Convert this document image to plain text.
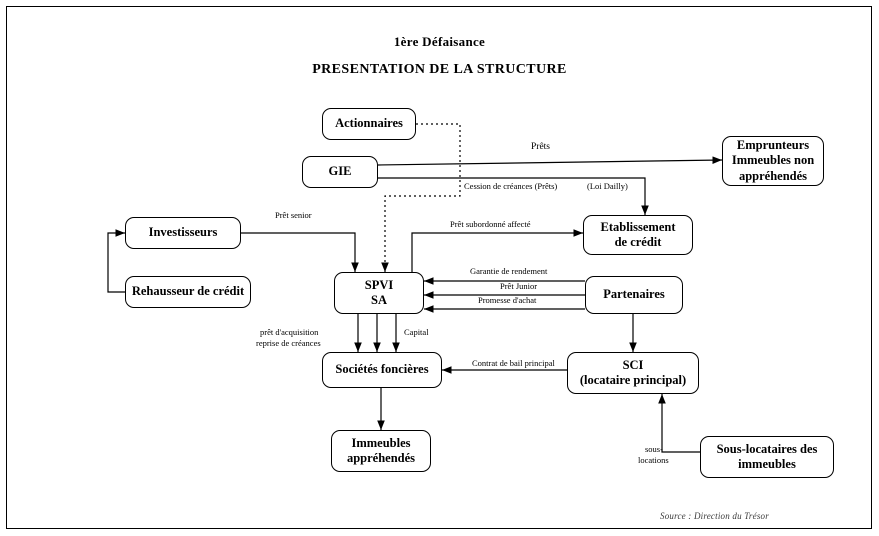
1ère Défaisance
PRESENTATION DE LA STRUCTURE
Actionnaires
GIE
Emprunteurs
Immeubles non
appréhendés
Investisseurs	Etablissement
de crédit
Rehausseur de crédit	SPVI
SA	Partenaires
Sociétés foncières	SCI
(locataire principal)
Immeubles
appréhendés
Sous-locataires des
immeubles
Prêts
Cession de créances (Prêts)	(Loi Dailly)
Prêt senior
Prêt subordonné affecté
Garantie de rendement
Prêt Junior
Promesse d'achat
prêt d'acquisition
reprise de créances
Capital
Contrat de bail principal
sous-
locations
Source : Direction du Trésor
